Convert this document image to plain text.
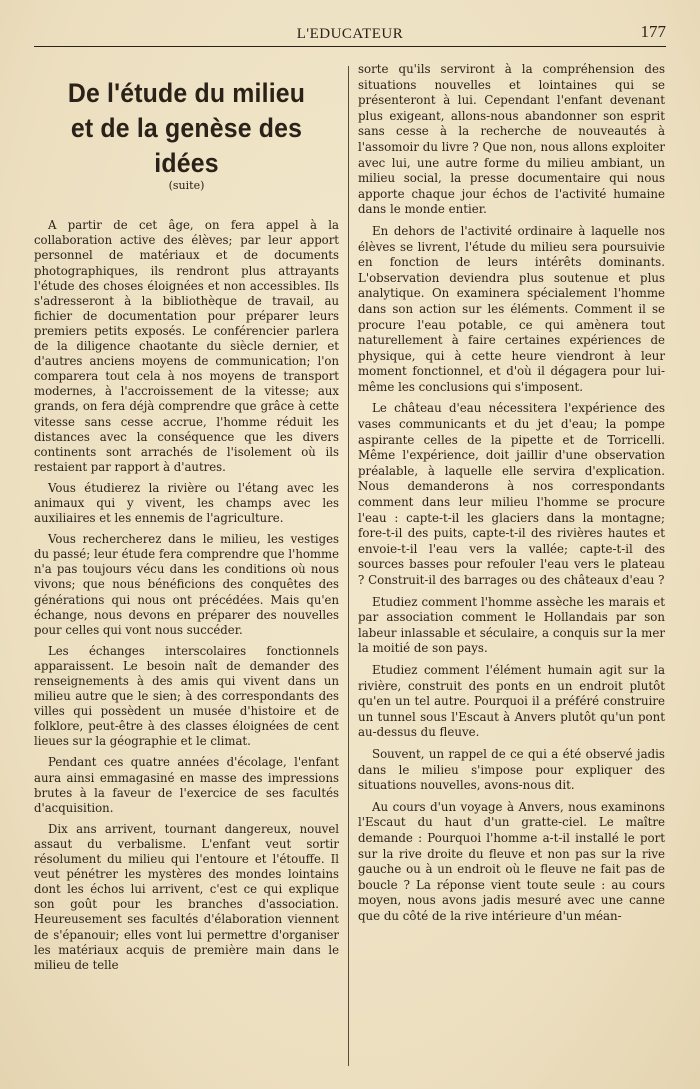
L'EDUCATEUR	177
De l'étude du milieu
et de la genèse des idées
(suite)

A partir de cet âge, on fera appel à la collaboration active des élèves; par leur apport personnel de matériaux et de documents photographiques, ils rendront plus attrayants l'étude des choses éloignées et non accessibles. Ils s'adresseront à la bibliothèque de travail, au fichier de documentation pour préparer leurs premiers petits exposés. Le conférencier parlera de la diligence chaotante du siècle dernier, et d'autres anciens moyens de communication; l'on comparera tout cela à nos moyens de transport modernes, à l'accroissement de la vitesse; aux grands, on fera déjà comprendre que grâce à cette vitesse sans cesse accrue, l'homme réduit les distances avec la conséquence que les divers continents sont arrachés de l'isolement où ils restaient par rapport à d'autres.

Vous étudierez la rivière ou l'étang avec les animaux qui y vivent, les champs avec les auxiliaires et les ennemis de l'agriculture.

Vous rechercherez dans le milieu, les vestiges du passé; leur étude fera comprendre que l'homme n'a pas toujours vécu dans les conditions où nous vivons; que nous bénéficions des conquêtes des générations qui nous ont précédées. Mais qu'en échange, nous devons en préparer des nouvelles pour celles qui vont nous succéder.

Les échanges interscolaires fonctionnels apparaissent. Le besoin naît de demander des renseignements à des amis qui vivent dans un milieu autre que le sien; à des correspondants des villes qui possèdent un musée d'histoire et de folklore, peut-être à des classes éloignées de cent lieues sur la géographie et le climat.

Pendant ces quatre années d'écolage, l'enfant aura ainsi emmagasiné en masse des impressions brutes à la faveur de l'exercice de ses facultés d'acquisition.

Dix ans arrivent, tournant dangereux, nouvel assaut du verbalisme. L'enfant veut sortir résolument du milieu qui l'entoure et l'étouffe. Il veut pénétrer les mystères des mondes lointains dont les échos lui arrivent, c'est ce qui explique son goût pour les branches d'association. Heureusement ses facultés d'élaboration viennent de s'épanouir; elles vont lui permettre d'organiser les matériaux acquis de première main dans le milieu de telle

sorte qu'ils serviront à la compréhension des situations nouvelles et lointaines qui se présenteront à lui. Cependant l'enfant devenant plus exigeant, allons-nous abandonner son esprit sans cesse à la recherche de nouveautés à l'assomoir du livre ? Que non, nous allons exploiter avec lui, une autre forme du milieu ambiant, un milieu social, la presse documentaire qui nous apporte chaque jour échos de l'activité humaine dans le monde entier.

En dehors de l'activité ordinaire à laquelle nos élèves se livrent, l'étude du milieu sera poursuivie en fonction de leurs intérêts dominants. L'observation deviendra plus soutenue et plus analytique. On examinera spécialement l'homme dans son action sur les éléments. Comment il se procure l'eau potable, ce qui amènera tout naturellement à faire certaines expériences de physique, qui à cette heure viendront à leur moment fonctionnel, et d'où il dégagera pour lui-même les conclusions qui s'imposent.

Le château d'eau nécessitera l'expérience des vases communicants et du jet d'eau; la pompe aspirante celles de la pipette et de Torricelli. Même l'expérience, doit jaillir d'une observation préalable, à laquelle elle servira d'explication. Nous demanderons à nos correspondants comment dans leur milieu l'homme se procure l'eau : capte-t-il les glaciers dans la montagne; fore-t-il des puits, capte-t-il des rivières hautes et envoie-t-il l'eau vers la vallée; capte-t-il des sources basses pour refouler l'eau vers le plateau ? Construit-il des barrages ou des châteaux d'eau ?

Etudiez comment l'homme assèche les marais et par association comment le Hollandais par son labeur inlassable et séculaire, a conquis sur la mer la moitié de son pays.

Etudiez comment l'élément humain agit sur la rivière, construit des ponts en un endroit plutôt qu'en un tel autre. Pourquoi il a préféré construire un tunnel sous l'Escaut à Anvers plutôt qu'un pont au-dessus du fleuve.

Souvent, un rappel de ce qui a été observé jadis dans le milieu s'impose pour expliquer des situations nouvelles, avons-nous dit.

Au cours d'un voyage à Anvers, nous examinons l'Escaut du haut d'un gratte-ciel. Le maître demande : Pourquoi l'homme a-t-il installé le port sur la rive droite du fleuve et non pas sur la rive gauche ou à un endroit où le fleuve ne fait pas de boucle ? La réponse vient toute seule : au cours moyen, nous avons jadis mesuré avec une canne que du côté de la rive intérieure d'un méan-
